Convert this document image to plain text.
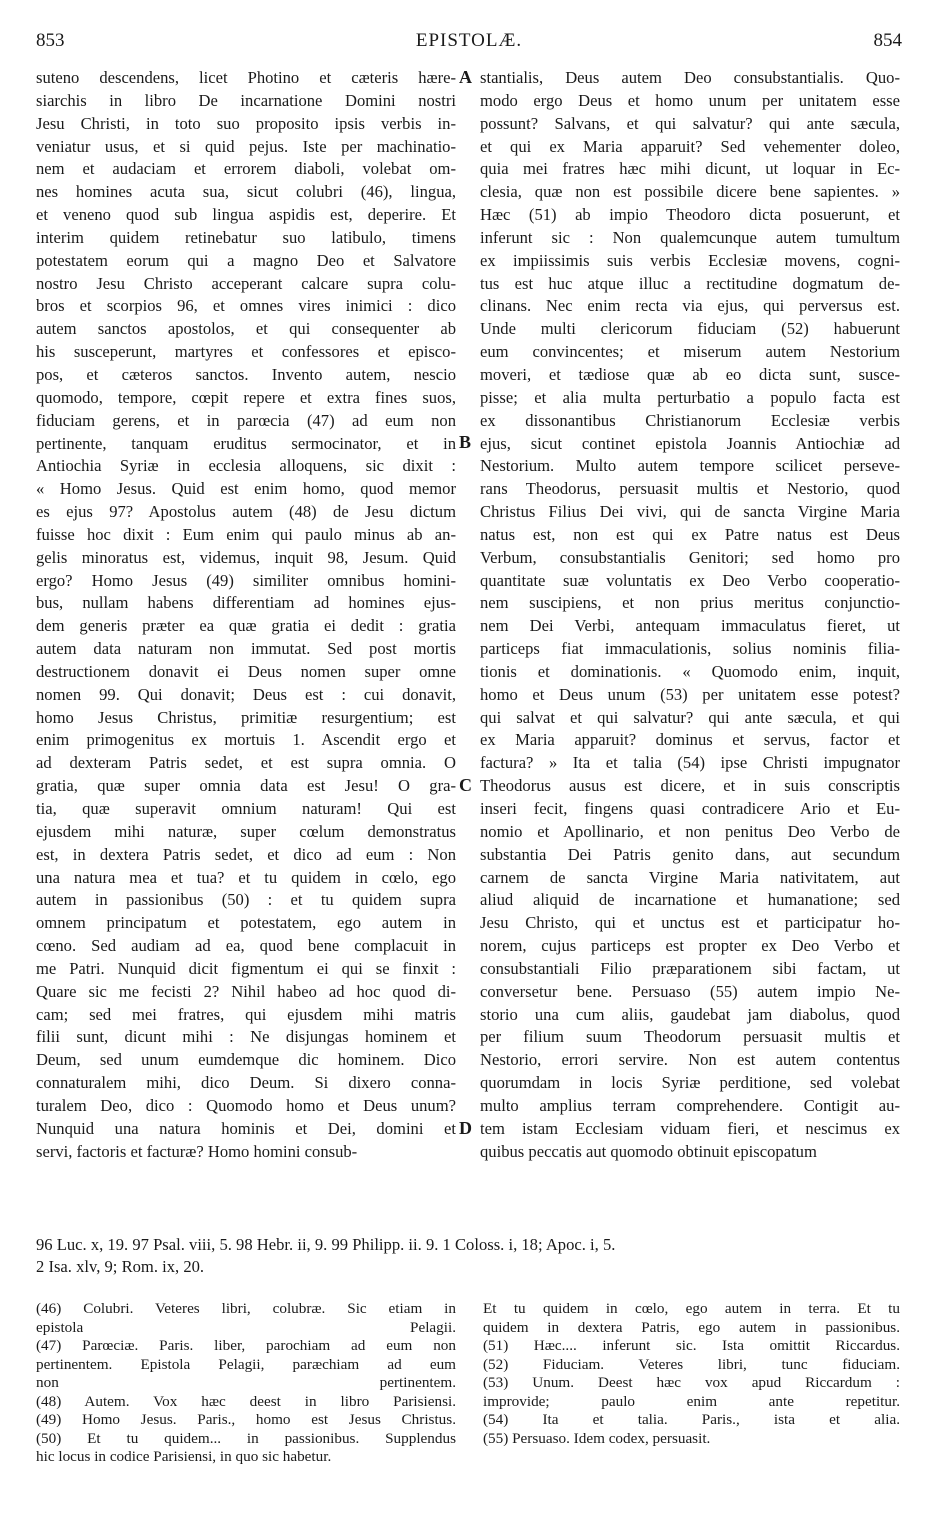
853	EPISTOLÆ.	854
suteno descendens, licet Photino et cæteris hære-
siarchis in libro De incarnatione Domini nostri
Jesu Christi, in toto suo proposito ipsis verbis in-
veniatur usus, et si quid pejus. Iste per machinatio-
nem et audaciam et errorem diaboli, volebat om-
nes homines acuta sua, sicut colubri (46), lingua,
et veneno quod sub lingua aspidis est, deperire. Et
interim quidem retinebatur suo latibulo, timens
potestatem eorum qui a magno Deo et Salvatore
nostro Jesu Christo acceperant calcare supra colu-
bros et scorpios 96, et omnes vires inimici : dico
autem sanctos apostolos, et qui consequenter ab
his susceperunt, martyres et confessores et episco-
pos, et cæteros sanctos. Invento autem, nescio
quomodo, tempore, cœpit repere et extra fines suos,
fiduciam gerens, et in parœcia (47) ad eum non
pertinente, tanquam eruditus sermocinator, et in
Antiochia Syriæ in ecclesia alloquens, sic dixit :
« Homo Jesus. Quid est enim homo, quod memor
es ejus 97? Apostolus autem (48) de Jesu dictum
fuisse hoc dixit : Eum enim qui paulo minus ab an-
gelis minoratus est, videmus, inquit 98, Jesum. Quid
ergo? Homo Jesus (49) similiter omnibus homini-
bus, nullam habens differentiam ad homines ejus-
dem generis præter ea quæ gratia ei dedit : gratia
autem data naturam non immutat. Sed post mortis
destructionem donavit ei Deus nomen super omne
nomen 99. Qui donavit; Deus est : cui donavit,
homo Jesus Christus, primitiæ resurgentium; est
enim primogenitus ex mortuis 1. Ascendit ergo et
ad dexteram Patris sedet, et est supra omnia. O
gratia, quæ super omnia data est Jesu! O gra-
tia, quæ superavit omnium naturam! Qui est
ejusdem mihi naturæ, super cœlum demonstratus
est, in dextera Patris sedet, et dico ad eum : Non
una natura mea et tua? et tu quidem in cœlo, ego
autem in passionibus (50) : et tu quidem supra
omnem principatum et potestatem, ego autem in
cœno. Sed audiam ad ea, quod bene complacuit in
me Patri. Nunquid dicit figmentum ei qui se finxit :
Quare sic me fecisti 2? Nihil habeo ad hoc quod di-
cam; sed mei fratres, qui ejusdem mihi matris
filii sunt, dicunt mihi : Ne disjungas hominem et
Deum, sed unum eumdemque dic hominem. Dico
connaturalem mihi, dico Deum. Si dixero conna-
turalem Deo, dico : Quomodo homo et Deus unum?
Nunquid una natura hominis et Dei, domini et
servi, factoris et facturæ? Homo homini consub-
stantialis, Deus autem Deo consubstantialis. Quo-
modo ergo Deus et homo unum per unitatem esse
possunt? Salvans, et qui salvatur? qui ante sæcula,
et qui ex Maria apparuit? Sed vehementer doleo,
quia mei fratres hæc mihi dicunt, ut loquar in Ec-
clesia, quæ non est possibile dicere bene sapientes. »
Hæc (51) ab impio Theodoro dicta posuerunt, et
inferunt sic : Non qualemcunque autem tumultum
ex impiissimis suis verbis Ecclesiæ movens, cogni-
tus est huc atque illuc a rectitudine dogmatum de-
clinans. Nec enim recta via ejus, qui perversus est.
Unde multi clericorum fiduciam (52) habuerunt
eum convincentes; et miserum autem Nestorium
moveri, et tædiose quæ ab eo dicta sunt, susce-
pisse; et alia multa perturbatio a populo facta est
ex dissonantibus Christianorum Ecclesiæ verbis
ejus, sicut continet epistola Joannis Antiochiæ ad
Nestorium. Multo autem tempore scilicet perseve-
rans Theodorus, persuasit multis et Nestorio, quod
Christus Filius Dei vivi, qui de sancta Virgine Maria
natus est, non est qui ex Patre natus est Deus
Verbum, consubstantialis Genitori; sed homo pro
quantitate suæ voluntatis ex Deo Verbo cooperatio-
nem suscipiens, et non prius meritus conjunctio-
nem Dei Verbi, antequam immaculatus fieret, ut
particeps fiat immaculationis, solius nominis filia-
tionis et dominationis. « Quomodo enim, inquit,
homo et Deus unum (53) per unitatem esse potest?
qui salvat et qui salvatur? qui ante sæcula, et qui
ex Maria apparuit? dominus et servus, factor et
factura? » Ita et talia (54) ipse Christi impugnator
Theodorus ausus est dicere, et in suis conscriptis
inseri fecit, fingens quasi contradicere Ario et Eu-
nomio et Apollinario, et non penitus Deo Verbo de
substantia Dei Patris genito dans, aut secundum
carnem de sancta Virgine Maria nativitatem, aut
aliud aliquid de incarnatione et humanatione; sed
Jesu Christo, qui et unctus est et participatur ho-
norem, cujus particeps est propter ex Deo Verbo et
consubstantiali Filio præparationem sibi factam, ut
conversetur bene. Persuaso (55) autem impio Ne-
storio una cum aliis, gaudebat jam diabolus, quod
per filium suum Theodorum persuasit multis et
Nestorio, errori servire. Non est autem contentus
quorumdam in locis Syriæ perditione, sed volebat
multo amplius terram comprehendere. Contigit au-
tem istam Ecclesiam viduam fieri, et nescimus ex
quibus peccatis aut quomodo obtinuit episcopatum
A
B
C
D
96 Luc. x, 19. 97 Psal. viii, 5. 98 Hebr. ii, 9. 99 Philipp. ii. 9. 1 Coloss. i, 18; Apoc. i, 5.
2 Isa. xlv, 9; Rom. ix, 20.
(46) Colubri. Veteres libri, colubræ. Sic etiam in
epistola Pelagii.
(47) Parœciæ. Paris. liber, parochiam ad eum non
pertinentem. Epistola Pelagii, paræchiam ad eum
non pertinentem.
(48) Autem. Vox hæc deest in libro Parisiensi.
(49) Homo Jesus. Paris., homo est Jesus Christus.
(50) Et tu quidem... in passionibus. Supplendus
hic locus in codice Parisiensi, in quo sic habetur.
Et tu quidem in cœlo, ego autem in terra. Et tu
quidem in dextera Patris, ego autem in passionibus.
(51) Hæc.... inferunt sic. Ista omittit Riccardus.
(52) Fiduciam. Veteres libri, tunc fiduciam.
(53) Unum. Deest hæc vox apud Riccardum :
improvide; paulo enim ante repetitur.
(54) Ita et talia. Paris., ista et alia.
(55) Persuaso. Idem codex, persuasit.
